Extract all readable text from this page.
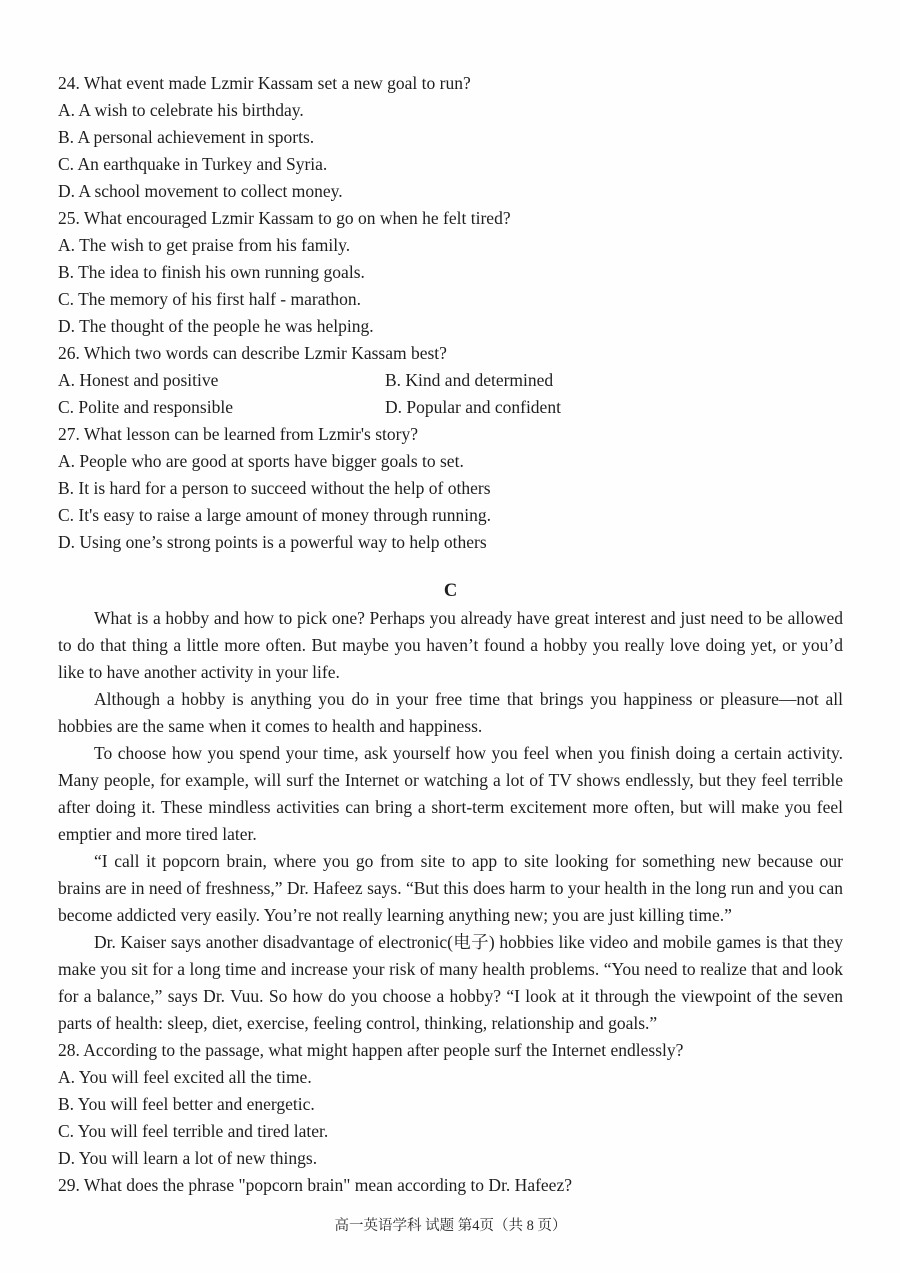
24. What event made Lzmir Kassam set a new goal to run?
A. A wish to celebrate his birthday.
B. A personal achievement in sports.
C. An earthquake in Turkey and Syria.
D. A school movement to collect money.
25. What encouraged Lzmir Kassam to go on when he felt tired?
A. The wish to get praise from his family.
B. The idea to finish his own running goals.
C. The memory of his first half - marathon.
D. The thought of the people he was helping.
26. Which two words can describe Lzmir Kassam best?
A. Honest and positive	B. Kind and determined
C. Polite and responsible	D. Popular and confident
27. What lesson can be learned from Lzmir's story?
A. People who are good at sports have bigger goals to set.
B. It is hard for a person to succeed without the help of others
C. It's easy to raise a large amount of money through running.
D. Using one’s strong points is a powerful way to help others
C
What is a hobby and how to pick one? Perhaps you already have great interest and just need to be allowed to do that thing a little more often. But maybe you haven’t found a hobby you really love doing yet, or you’d like to have another activity in your life.
Although a hobby is anything you do in your free time that brings you happiness or pleasure—not all hobbies are the same when it comes to health and happiness.
To choose how you spend your time, ask yourself how you feel when you finish doing a certain activity. Many people, for example, will surf the Internet or watching a lot of TV shows endlessly, but they feel terrible after doing it. These mindless activities can bring a short-term excitement more often, but will make you feel emptier and more tired later.
“I call it popcorn brain, where you go from site to app to site looking for something new because our brains are in need of freshness,” Dr. Hafeez says. “But this does harm to your health in the long run and you can become addicted very easily. You’re not really learning anything new; you are just killing time.”
Dr. Kaiser says another disadvantage of electronic(电子) hobbies like video and mobile games is that they make you sit for a long time and increase your risk of many health problems. “You need to realize that and look for a balance,” says Dr. Vuu. So how do you choose a hobby? “I look at it through the viewpoint of the seven parts of health: sleep, diet, exercise, feeling control, thinking, relationship and goals.”
28. According to the passage, what might happen after people surf the Internet endlessly?
A. You will feel excited all the time.
B. You will feel better and energetic.
C. You will feel terrible and tired later.
D. You will learn a lot of new things.
29. What does the phrase "popcorn brain" mean according to Dr. Hafeez?
高一英语学科 试题 第4页（共 8 页）
